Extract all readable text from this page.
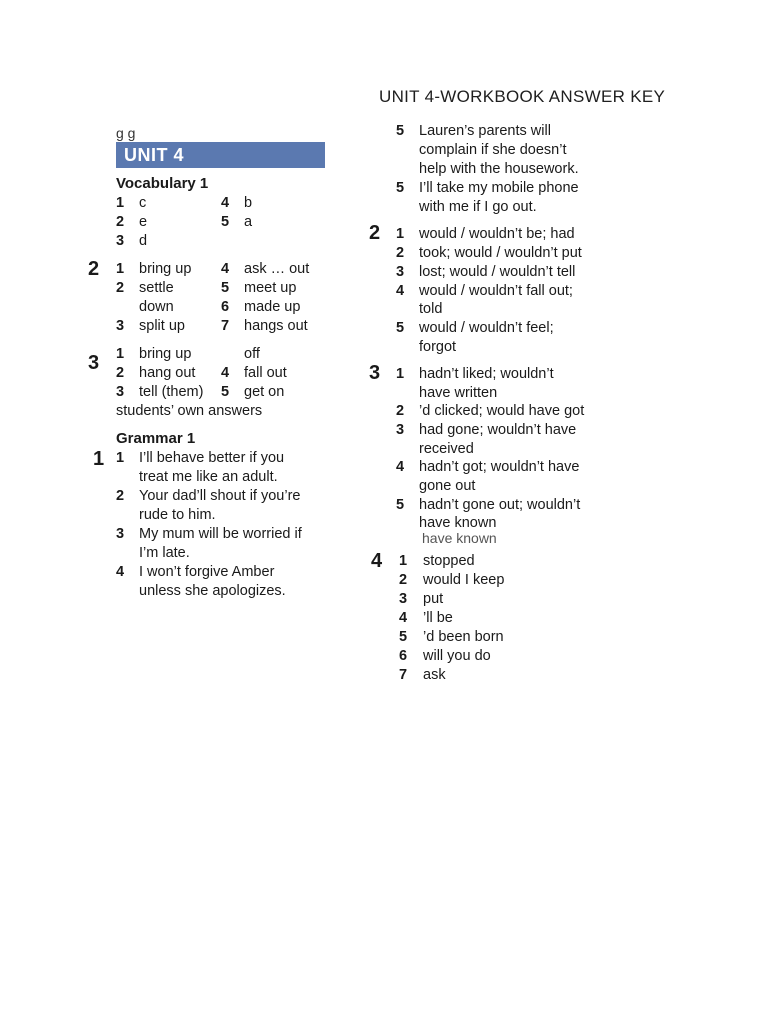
UNIT 4-WORKBOOK ANSWER KEY
g g
UNIT 4
Vocabulary 1
1 c
2 e
3 d
4 b
5 a
2 1 bring up
2 settle
down
3 split up
4 ask … out
5 meet up
6 made up
7 hangs out
3 1 bring up
2 hang out
3 tell (them)
off
4 fall out
5 get on
students’ own answers
Grammar 1
1 1 I’ll behave better if you
treat me like an adult.
2 Your dad’ll shout if you’re
rude to him.
3 My mum will be worried if
I’m late.
4 I won’t forgive Amber
unless she apologizes.
5 Lauren’s parents will
complain if she doesn’t
help with the housework.
5 I’ll take my mobile phone
with me if I go out.
2 1 would / wouldn’t be; had
2 took; would / wouldn’t put
3 lost; would / wouldn’t tell
4 would / wouldn’t fall out;
told
5 would / wouldn’t feel;
forgot
3 1 hadn’t liked; wouldn’t
have written
2 ’d clicked; would have got
3 had gone; wouldn’t have
received
4 hadn’t got; wouldn’t have
gone out
5 hadn’t gone out; wouldn’t
have known
have known
4 1 stopped
2 would I keep
3 put
4 ’ll be
5 ’d been born
6 will you do
7 ask
